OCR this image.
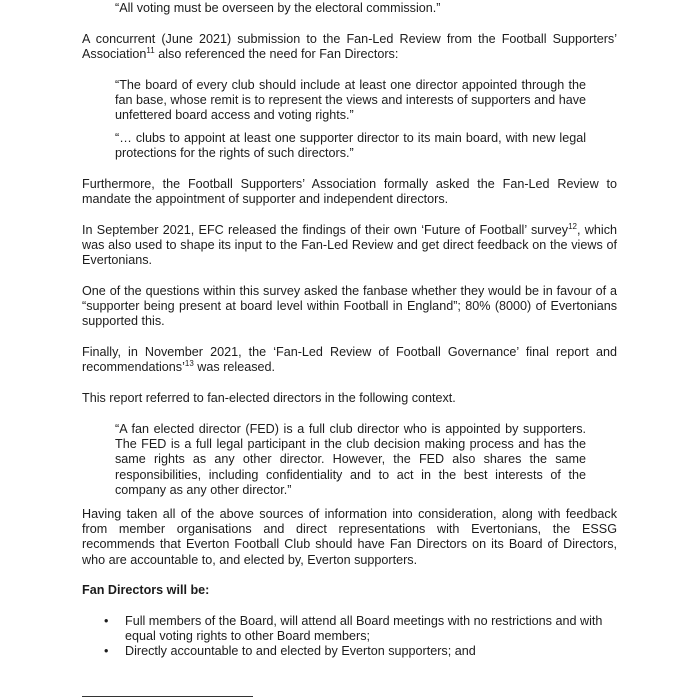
“All voting must be overseen by the electoral commission.”

A concurrent (June 2021) submission to the Fan-Led Review from the Football Supporters’ Association$^{11}$ also referenced the need for Fan Directors:

“The board of every club should include at least one director appointed through the fan base, whose remit is to represent the views and interests of supporters and have unfettered board access and voting rights.”

“… clubs to appoint at least one supporter director to its main board, with new legal protections for the rights of such directors.”

Furthermore, the Football Supporters’ Association formally asked the Fan-Led Review to mandate the appointment of supporter and independent directors.

In September 2021, EFC released the findings of their own ‘Future of Football’ survey$^{12}$, which was also used to shape its input to the Fan-Led Review and get direct feedback on the views of Evertonians.

One of the questions within this survey asked the fanbase whether they would be in favour of a “supporter being present at board level within Football in England”; 80% (8000) of Evertonians supported this.

Finally, in November 2021, the ‘Fan-Led Review of Football Governance’ final report and recommendations’$^{13}$ was released.

This report referred to fan-elected directors in the following context.

“A fan elected director (FED) is a full club director who is appointed by supporters. The FED is a full legal participant in the club decision making process and has the same rights as any other director. However, the FED also shares the same responsibilities, including confidentiality and to act in the best interests of the company as any other director.”

Having taken all of the above sources of information into consideration, along with feedback from member organisations and direct representations with Evertonians, the ESSG recommends that Everton Football Club should have Fan Directors on its Board of Directors, who are accountable to, and elected by, Everton supporters.

Fan Directors will be:

• Full members of the Board, will attend all Board meetings with no restrictions and with equal voting rights to other Board members;
• Directly accountable to and elected by Everton supporters; and
